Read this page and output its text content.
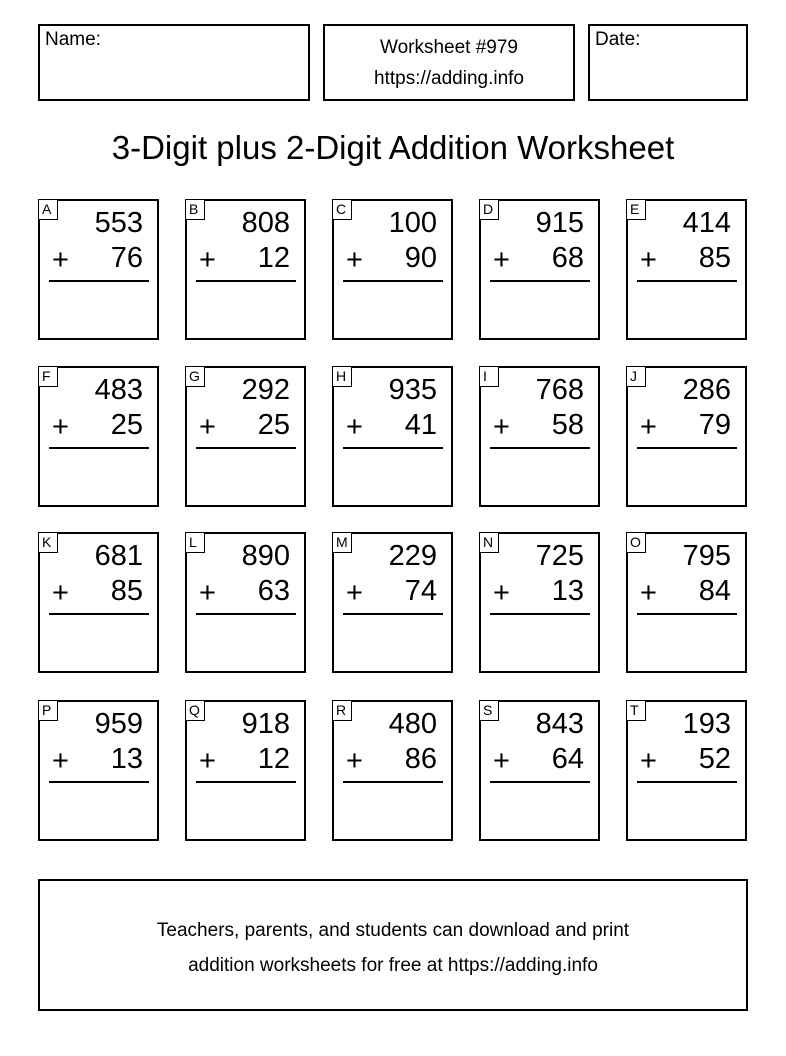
Name:	Worksheet #979
https://adding.info
Date:
3-Digit plus 2-Digit Addition Worksheet
A 553
+ 76
B 808
+ 12
C 100
+ 90
D 915
+ 68
E 414
+ 85
F 483
+ 25
G 292
+ 25
H 935
+ 41
I	768
+ 58
J	286
+ 79
K 681
+ 85
L 890
+ 63
M 229
+ 74
N 725
+ 13
O 795
+ 84
P 959
+ 13
Q 918
+ 12
R 480
+ 86
S 843
+ 64
T 193
+ 52
Teachers, parents, and students can download and print
addition worksheets for free at https://adding.info
